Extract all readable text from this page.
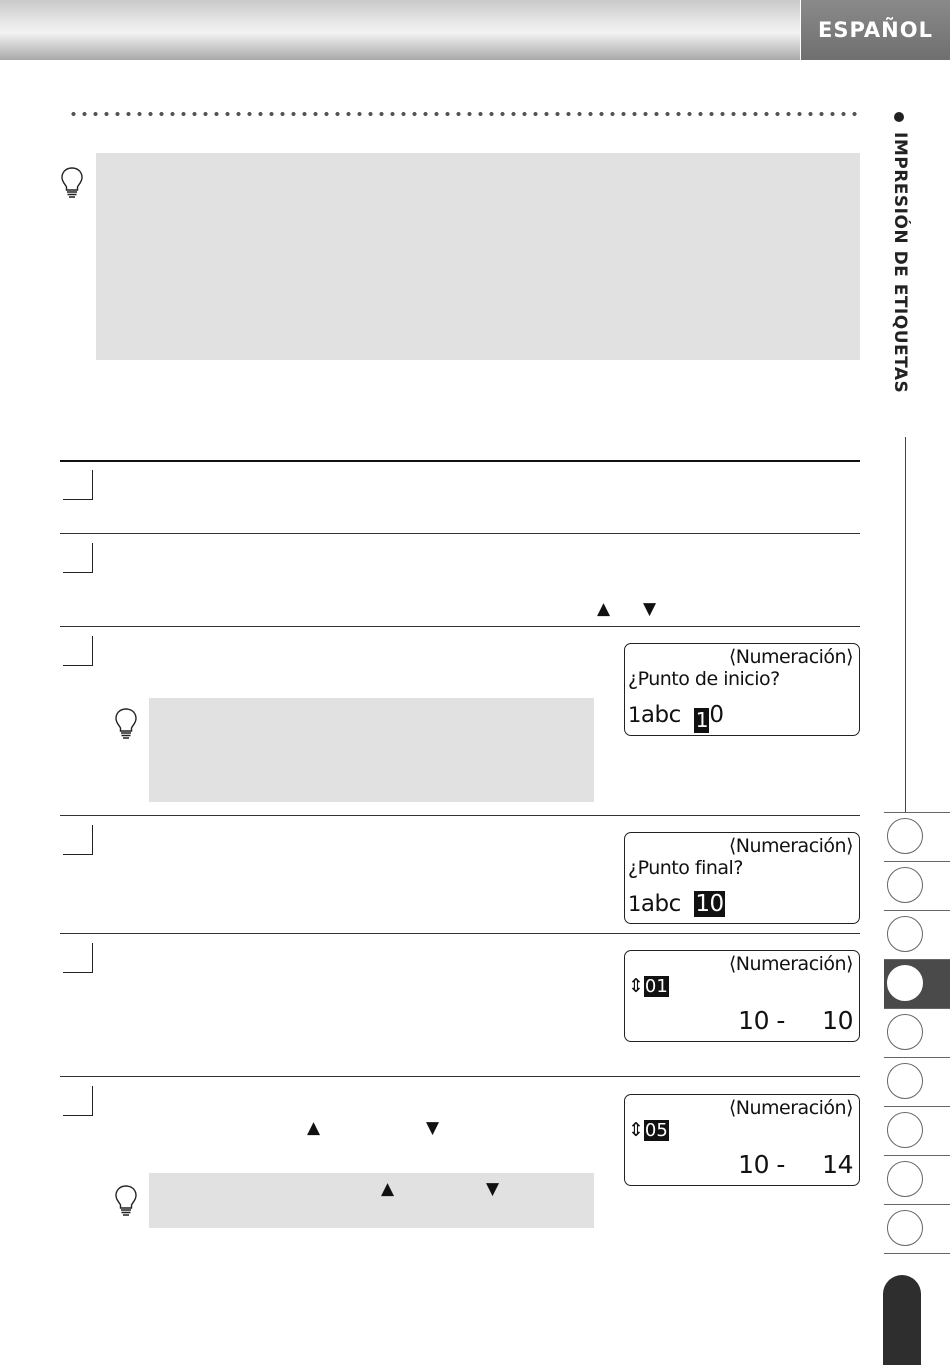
ESPAÑOL
IMPRESIÓN DE ETIQUETAS
▲ ▼
⟨Numeración⟩
¿Punto de inicio?
1abc 10
⟨Numeración⟩
¿Punto final?
1abc 10
⟨Numeración⟩
⇕01
10 -     10
▲	▼
⟨Numeración⟩
⇕05
10 -     14
▲	▼
